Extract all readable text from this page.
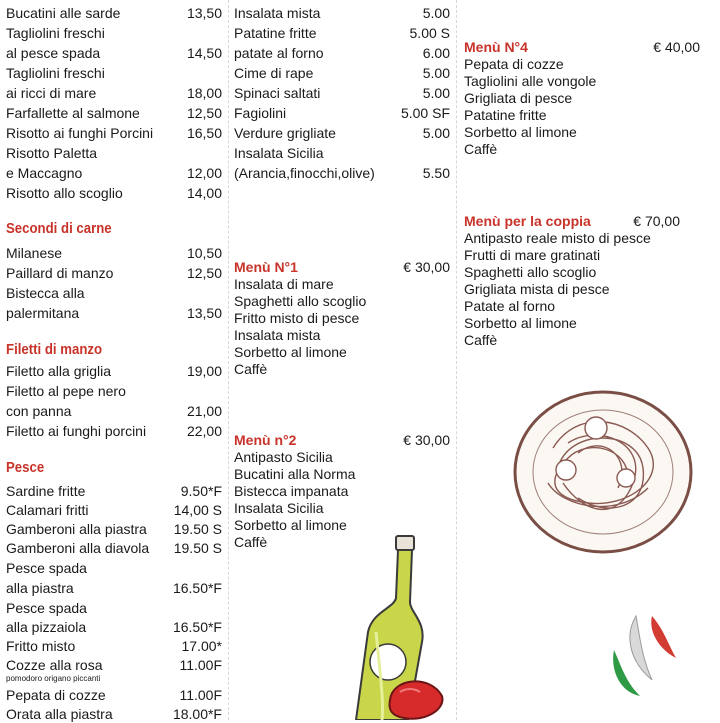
Bucatini alle sarde	13,50
Tagliolini freschi
al pesce spada	14,50
Tagliolini freschi
ai ricci di mare	18,00
Farfallette al salmone	12,50
Risotto ai funghi Porcini	16,50
Risotto Paletta
e Maccagno	12,00
Risotto allo scoglio	14,00
Secondi di carne
Milanese	10,50
Paillard di manzo	12,50
Bistecca alla
palermitana	13,50
Filetti di manzo
Filetto alla griglia	19,00
Filetto al pepe nero
con panna	21,00
Filetto ai funghi porcini	22,00
Pesce
Sardine fritte	9.50*F
Calamari fritti	14,00 S
Gamberoni alla piastra	19.50 S
Gamberoni alla diavola	19.50 S
Pesce spada
alla piastra	16.50*F
Pesce spada
alla pizzaiola	16.50*F
Fritto misto	17.00*
Cozze alla rosa	11.00F
pomodoro origano piccanti
Pepata di cozze	11.00F
Orata alla piastra	18.00*F
Insalata mista	5.00
Patatine fritte	5.00 S
patate al forno	6.00
Cime di rape	5.00
Spinaci saltati	5.00
Fagiolini	5.00 SF
Verdure grigliate	5.00
Insalata Sicilia
(Arancia,finocchi,olive)	5.50
Menù N°1	€ 30,00
Insalata di mare
Spaghetti allo scoglio
Fritto misto di pesce
Insalata mista
Sorbetto al limone
Caffè
Menù n°2	€ 30,00
Antipasto Sicilia
Bucatini alla Norma
Bistecca impanata
Insalata Sicilia
Sorbetto al limone
Caffè
Menù N°4	€ 40,00
Pepata di cozze
Tagliolini alle vongole
Grigliata di pesce
Patatine fritte
Sorbetto al limone
Caffè
Menù per la coppia	€ 70,00
Antipasto reale misto di pesce
Frutti di mare gratinati
Spaghetti allo scoglio
Grigliata mista di pesce
Patate al forno
Sorbetto al limone
Caffè
